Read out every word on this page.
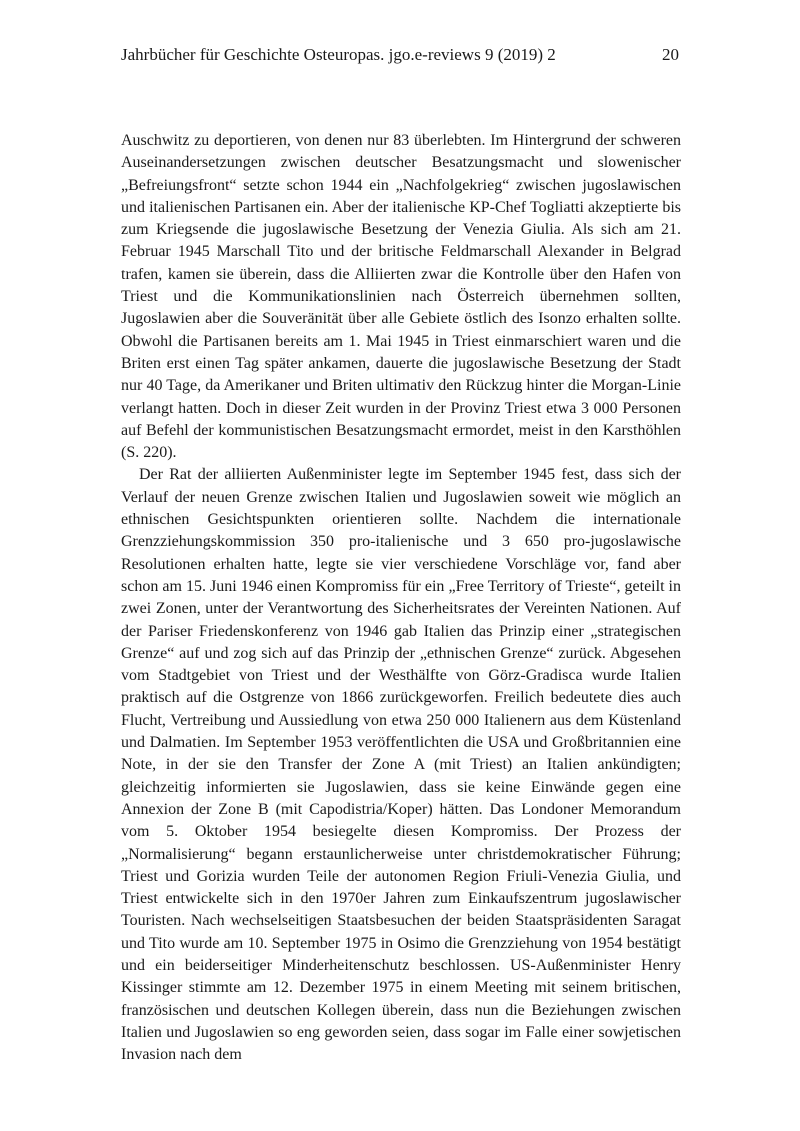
Jahrbücher für Geschichte Osteuropas. jgo.e-reviews 9 (2019) 2	20

Auschwitz zu deportieren, von denen nur 83 überlebten. Im Hintergrund der schweren Auseinandersetzungen zwischen deutscher Besatzungsmacht und slowenischer „Befreiungsfront“ setzte schon 1944 ein „Nachfolgekrieg“ zwischen jugoslawischen und italienischen Partisanen ein. Aber der italienische KP-Chef Togliatti akzeptierte bis zum Kriegsende die jugoslawische Besetzung der Venezia Giulia. Als sich am 21. Februar 1945 Marschall Tito und der britische Feldmarschall Alexander in Belgrad trafen, kamen sie überein, dass die Alliierten zwar die Kontrolle über den Hafen von Triest und die Kommunikationslinien nach Österreich übernehmen sollten, Jugoslawien aber die Souveränität über alle Gebiete östlich des Isonzo erhalten sollte. Obwohl die Partisanen bereits am 1. Mai 1945 in Triest einmarschiert waren und die Briten erst einen Tag später ankamen, dauerte die jugoslawische Besetzung der Stadt nur 40 Tage, da Amerikaner und Briten ultimativ den Rückzug hinter die Morgan-Linie verlangt hatten. Doch in dieser Zeit wurden in der Provinz Triest etwa 3 000 Personen auf Befehl der kommunistischen Besatzungsmacht ermordet, meist in den Karsthöhlen (S. 220).

Der Rat der alliierten Außenminister legte im September 1945 fest, dass sich der Verlauf der neuen Grenze zwischen Italien und Jugoslawien soweit wie möglich an ethnischen Gesichtspunkten orientieren sollte. Nachdem die internationale Grenzziehungskommission 350 pro-italienische und 3 650 pro-jugoslawische Resolutionen erhalten hatte, legte sie vier verschiedene Vorschläge vor, fand aber schon am 15. Juni 1946 einen Kompromiss für ein „Free Territory of Trieste“, geteilt in zwei Zonen, unter der Verantwortung des Sicherheitsrates der Vereinten Nationen. Auf der Pariser Friedenskonferenz von 1946 gab Italien das Prinzip einer „strategischen Grenze“ auf und zog sich auf das Prinzip der „ethnischen Grenze“ zurück. Abgesehen vom Stadtgebiet von Triest und der Westhälfte von Görz-Gradisca wurde Italien praktisch auf die Ostgrenze von 1866 zurückgeworfen. Freilich bedeutete dies auch Flucht, Vertreibung und Aussiedlung von etwa 250 000 Italienern aus dem Küstenland und Dalmatien. Im September 1953 veröffentlichten die USA und Großbritannien eine Note, in der sie den Transfer der Zone A (mit Triest) an Italien ankündigten; gleichzeitig informierten sie Jugoslawien, dass sie keine Einwände gegen eine Annexion der Zone B (mit Capodistria/Koper) hätten. Das Londoner Memorandum vom 5. Oktober 1954 besiegelte diesen Kompromiss. Der Prozess der „Normalisierung“ begann erstaunlicherweise unter christdemokratischer Führung; Triest und Gorizia wurden Teile der autonomen Region Friuli-Venezia Giulia, und Triest entwickelte sich in den 1970er Jahren zum Einkaufszentrum jugoslawischer Touristen. Nach wechselseitigen Staatsbesuchen der beiden Staatspräsidenten Saragat und Tito wurde am 10. September 1975 in Osimo die Grenzziehung von 1954 bestätigt und ein beiderseitiger Minderheitenschutz beschlossen. US-Außenminister Henry Kissinger stimmte am 12. Dezember 1975 in einem Meeting mit seinem britischen, französischen und deutschen Kollegen überein, dass nun die Beziehungen zwischen Italien und Jugoslawien so eng geworden seien, dass sogar im Falle einer sowjetischen Invasion nach dem
